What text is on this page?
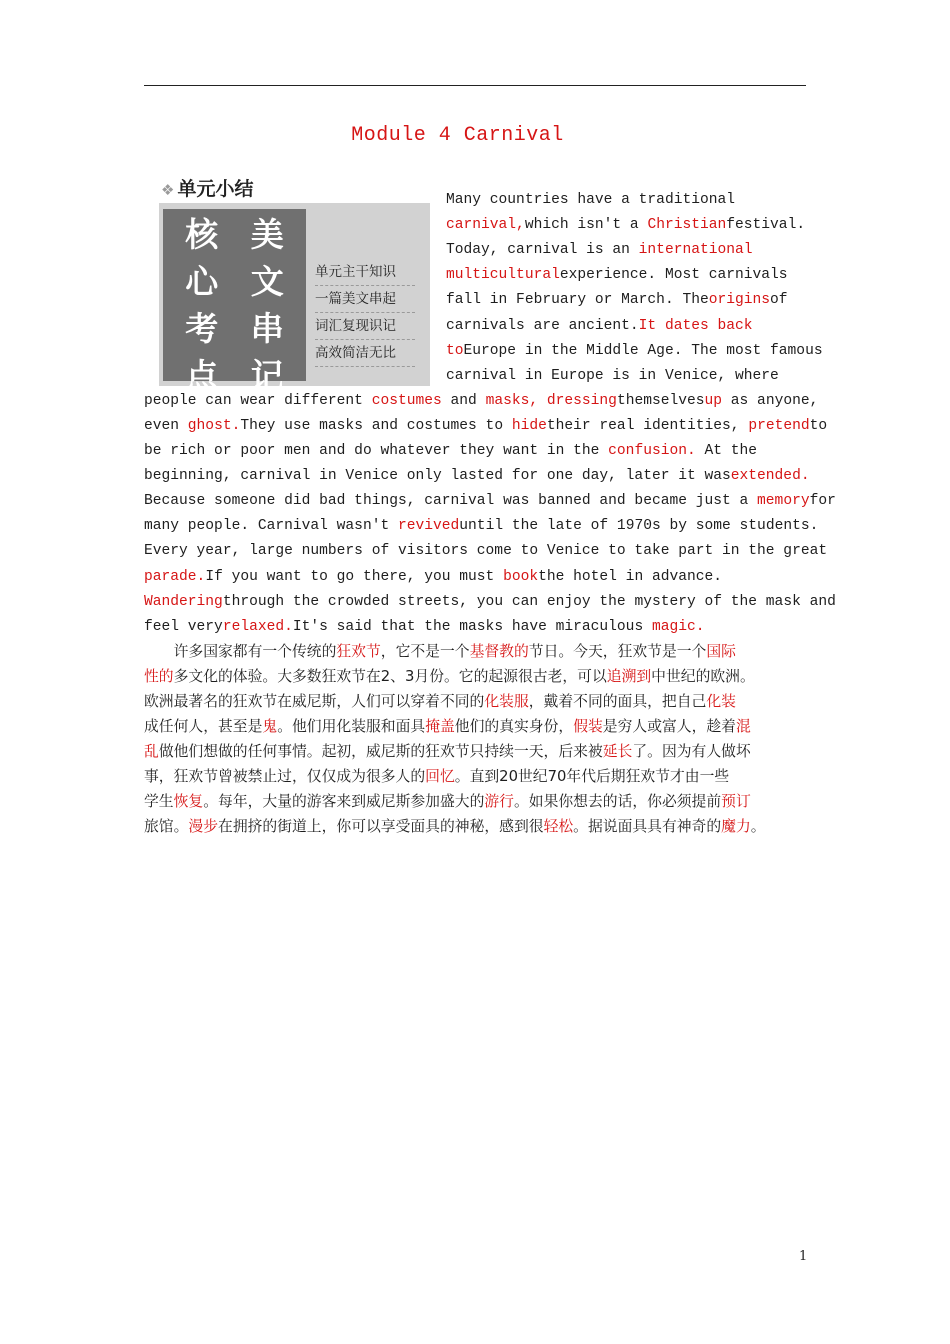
Module 4 Carnival
❖ 单元小结
核 美
心 文
考 串
点 记
单元主干知识
一篇美文串起
词汇复现识记
高效简洁无比
Many countries have a traditional
carnival,which isn't a Christianfestival.
Today, carnival is an international
multiculturalexperience. Most carnivals
fall in February or March. Theoriginsof
carnivals are ancient.It dates back
toEurope in the Middle Age. The most famous
carnival in Europe is in Venice, where
people can wear different costumes and masks, dressingthemselvesup as anyone,
even ghost.They use masks and costumes to hidetheir real identities, pretendto
be rich or poor men and do whatever they want in the confusion. At the
beginning, carnival in Venice only lasted for one day, later it wasextended.
Because someone did bad things, carnival was banned and became just a memoryfor
many people. Carnival wasn't reviveduntil the late of 1970s by some students.
Every year, large numbers of visitors come to Venice to take part in the great
parade.If you want to go there, you must bookthe hotel in advance.
Wanderingthrough the crowded streets, you can enjoy the mystery of the mask and
feel veryrelaxed.It's said that the masks have miraculous magic.
　　许多国家都有一个传统的狂欢节，它不是一个基督教的节日。今天，狂欢节是一个国际
性的多文化的体验。大多数狂欢节在2、3月份。它的起源很古老，可以追溯到中世纪的欧洲。
欧洲最著名的狂欢节在威尼斯，人们可以穿着不同的化装服，戴着不同的面具，把自己化装
成任何人，甚至是鬼。他们用化装服和面具掩盖他们的真实身份，假装是穷人或富人，趁着混
乱做他们想做的任何事情。起初，威尼斯的狂欢节只持续一天，后来被延长了。因为有人做坏
事，狂欢节曾被禁止过，仅仅成为很多人的回忆。直到20世纪70年代后期狂欢节才由一些
学生恢复。每年，大量的游客来到威尼斯参加盛大的游行。如果你想去的话，你必须提前预订
旅馆。漫步在拥挤的街道上，你可以享受面具的神秘，感到很轻松。据说面具具有神奇的魔力。
1
